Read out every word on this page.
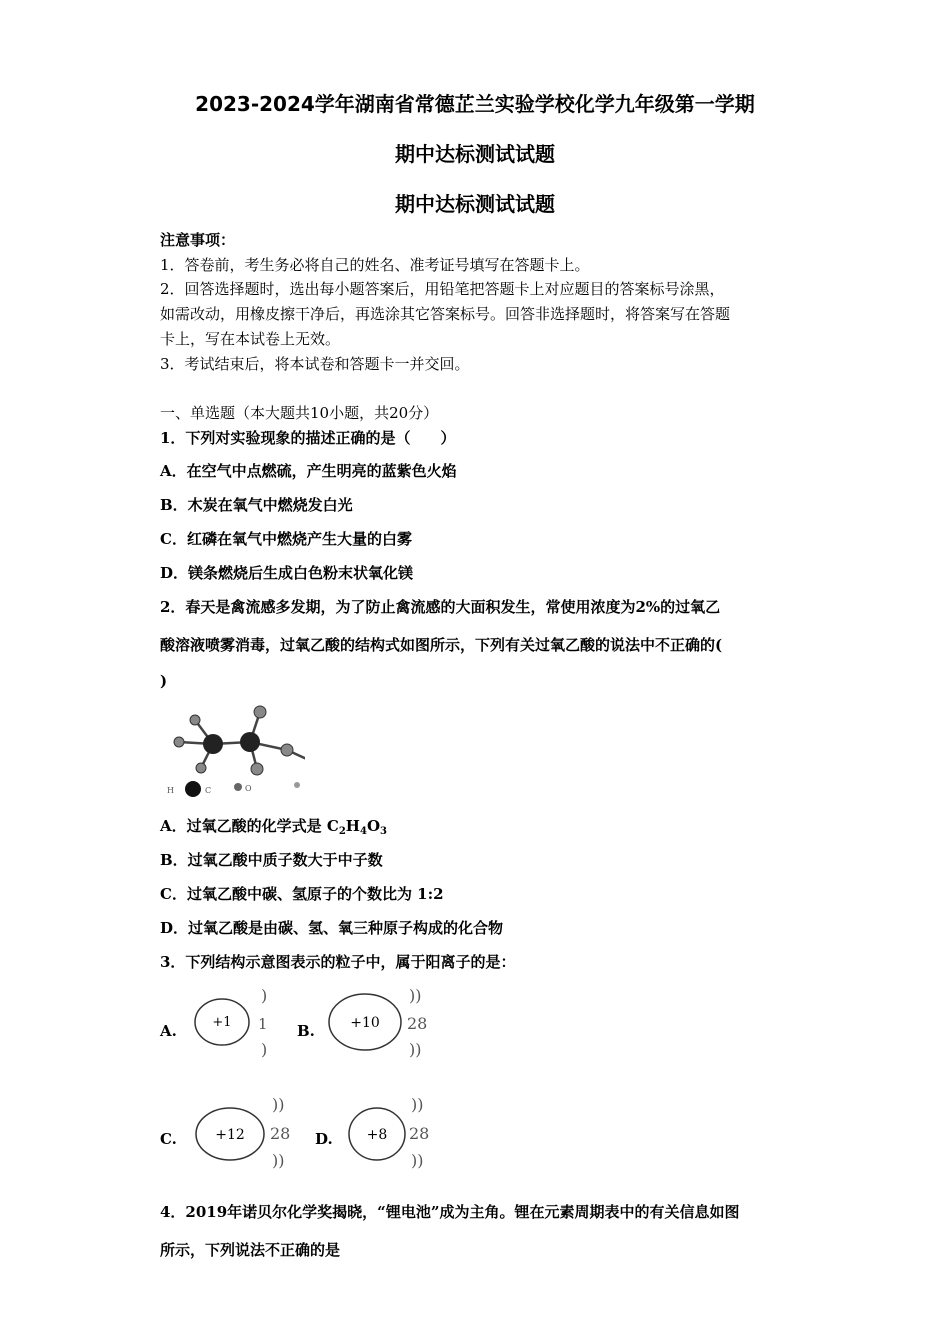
2023-2024学年湖南省常德芷兰实验学校化学九年级第一学期
期中达标测试试题
期中达标测试试题
注意事项：
1．答卷前，考生务必将自己的姓名、准考证号填写在答题卡上。
2．回答选择题时，选出每小题答案后，用铅笔把答题卡上对应题目的答案标号涂黑，
如需改动，用橡皮擦干净后，再选涂其它答案标号。回答非选择题时，将答案写在答题
卡上，写在本试卷上无效。
3．考试结束后，将本试卷和答题卡一并交回。
一、单选题（本大题共10小题，共20分）
1．下列对实验现象的描述正确的是（　　）
A．在空气中点燃硫，产生明亮的蓝紫色火焰
B．木炭在氧气中燃烧发白光
C．红磷在氧气中燃烧产生大量的白雾
D．镁条燃烧后生成白色粉末状氧化镁
2．春天是禽流感多发期，为了防止禽流感的大面积发生，常使用浓度为2%的过氧乙
酸溶液喷雾消毒，过氧乙酸的结构式如图所示，下列有关过氧乙酸的说法中不正确的(
)
H	C	O
A．过氧乙酸的化学式是 $C_2H_4O_3$
B．过氧乙酸中质子数大于中子数
C．过氧乙酸中碳、氢原子的个数比为 1:2
D．过氧乙酸是由碳、氢、氧三种原子构成的化合物
3．下列结构示意图表示的粒子中，属于阳离子的是：
A.	+1
)
1
)
B.	+10
))
28
))
C.	+12
))
28
))
D. +8
))
28
))
4．2019年诺贝尔化学奖揭晓，“锂电池”成为主角。锂在元素周期表中的有关信息如图
所示，下列说法不正确的是
